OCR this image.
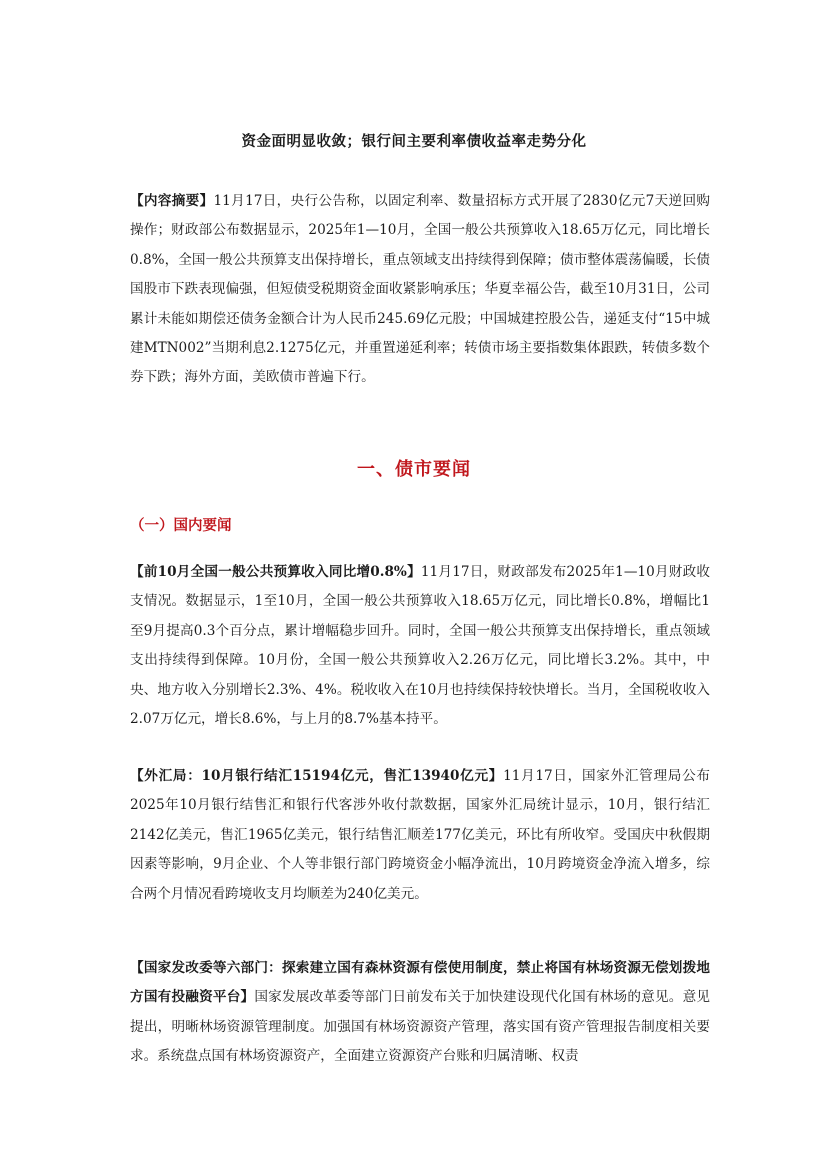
资金面明显收敛；银行间主要利率债收益率走势分化

【内容摘要】11月17日，央行公告称，以固定利率、数量招标方式开展了2830亿元7天逆回购操作；财政部公布数据显示，2025年1—10月，全国一般公共预算收入18.65万亿元，同比增长 0.8%，全国一般公共预算支出保持增长，重点领域支出持续得到保障；债市整体震荡偏暖，长债国股市下跌表现偏强，但短债受税期资金面收紧影响承压；华夏幸福公告，截至10月31日，公司累计未能如期偿还债务金额合计为人民币245.69亿元股；中国城建控股公告，递延支付“15中城建MTN002”当期利息2.1275亿元，并重置递延利率；转债市场主要指数集体跟跌，转债多数个券下跌；海外方面，美欧债市普遍下行。

一、债市要闻
（一）国内要闻

【前10月全国一般公共预算收入同比增0.8%】11月17日，财政部发布2025年1—10月财政收支情况。数据显示，1至10月，全国一般公共预算收入18.65万亿元，同比增长0.8%，增幅比1至9月提高0.3个百分点，累计增幅稳步回升。同时，全国一般公共预算支出保持增长，重点领域支出持续得到保障。10月份，全国一般公共预算收入2.26万亿元，同比增长3.2%。其中，中央、地方收入分别增长2.3%、4%。税收收入在10月也持续保持较快增长。当月，全国税收收入2.07万亿元，增长8.6%，与上月的8.7%基本持平。

【外汇局：10月银行结汇15194亿元，售汇13940亿元】11月17日，国家外汇管理局公布2025年10月银行结售汇和银行代客涉外收付款数据，国家外汇局统计显示，10月，银行结汇2142亿美元，售汇1965亿美元，银行结售汇顺差177亿美元，环比有所收窄。受国庆中秋假期因素等影响，9月企业、个人等非银行部门跨境资金小幅净流出，10月跨境资金净流入增多，综合两个月情况看跨境收支月均顺差为240亿美元。

【国家发改委等六部门：探索建立国有森林资源有偿使用制度，禁止将国有林场资源无偿划拨地方国有投融资平台】国家发展改革委等部门日前发布关于加快建设现代化国有林场的意见。意见提出，明晰林场资源管理制度。加强国有林场资源资产管理，落实国有资产管理报告制度相关要求。系统盘点国有林场资源资产，全面建立资源资产台账和归属清晰、权责
